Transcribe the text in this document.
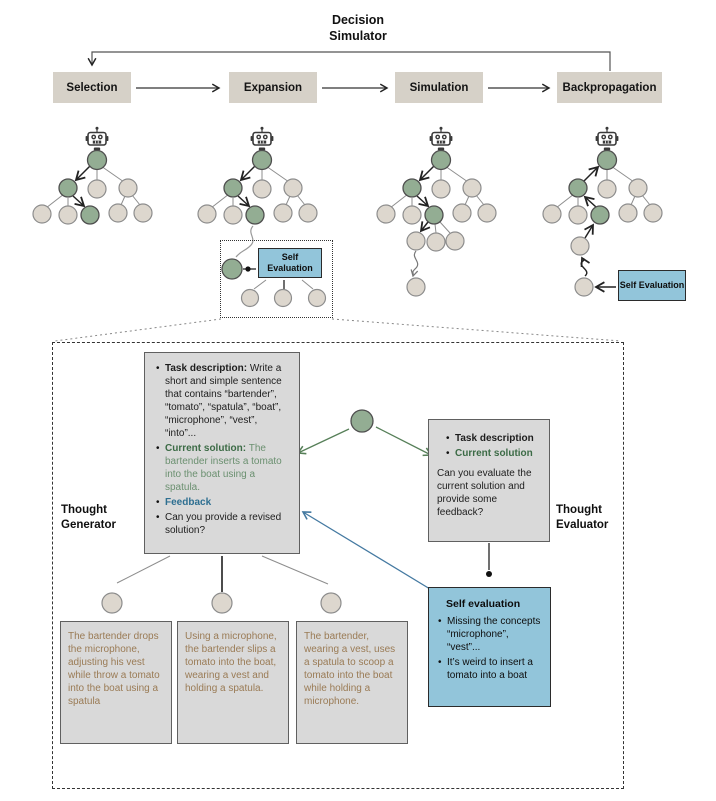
Decision Simulator
Selection	Expansion	Simulation	Backpropagation
Self Evaluation
Self Evaluation
Thought Generator
Thought Evaluator
• Task description: Write a short and simple sentence that contains “bartender”, “tomato”, “spatula”, “boat”, “microphone”, “vest”, “into”...
• Current solution: The bartender inserts a tomato into the boat using a spatula.
• Feedback
• Can you provide a revised solution?
• Task description
• Current solution
Can you evaluate the current solution and provide some feedback?
Self evaluation
• Missing the concepts “microphone”, “vest”...
• It’s weird to insert a tomato into a boat
The bartender drops the microphone, adjusting his vest while throw a tomato into the boat using a spatula
Using a microphone, the bartender slips a tomato into the boat, wearing a vest and holding a spatula.
The bartender, wearing a vest, uses a spatula to scoop a tomato into the boat while holding a microphone.
